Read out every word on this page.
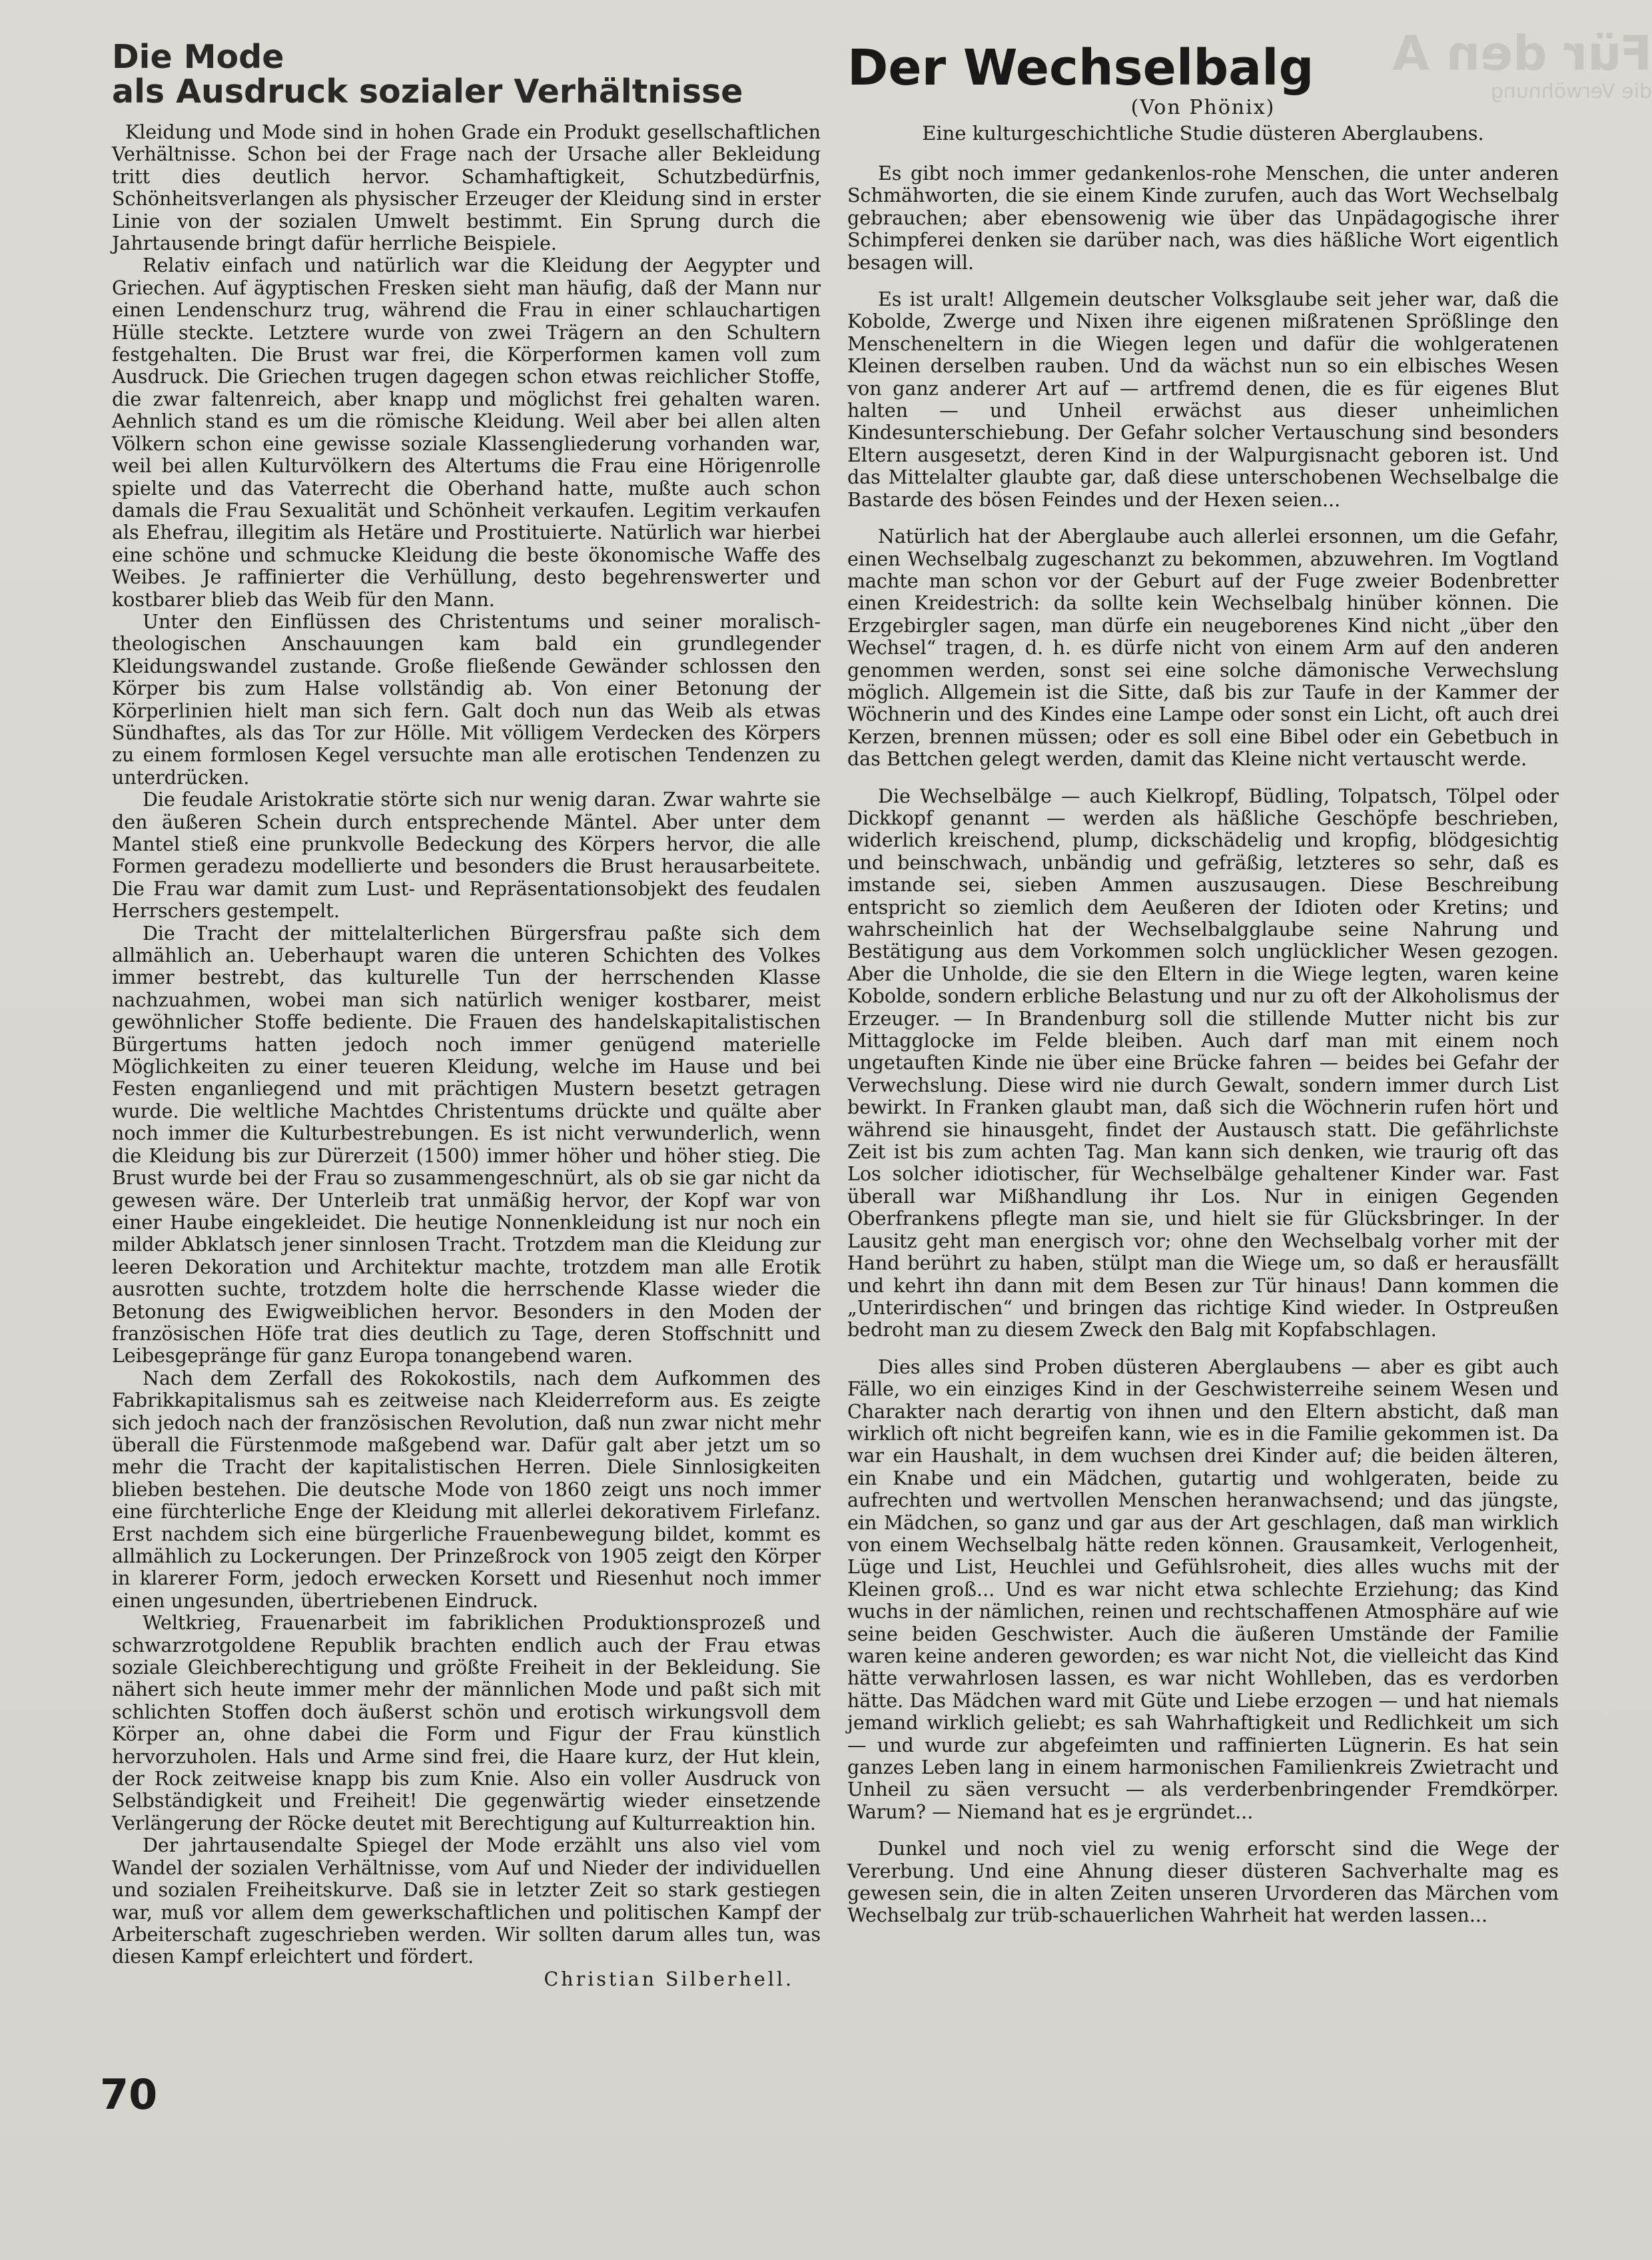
Für den A
die Verwöhnung
Die Mode
als Ausdruck sozialer Verhältnisse

Kleidung und Mode sind in hohen Grade ein Produkt gesellschaftlichen Verhältnisse. Schon bei der Frage nach der Ursache aller Bekleidung tritt dies deutlich hervor. Schamhaftigkeit, Schutzbedürfnis, Schönheitsverlangen als physischer Erzeuger der Kleidung sind in erster Linie von der sozialen Umwelt bestimmt. Ein Sprung durch die Jahrtausende bringt dafür herrliche Beispiele.

Relativ einfach und natürlich war die Kleidung der Aegypter und Griechen. Auf ägyptischen Fresken sieht man häufig, daß der Mann nur einen Lendenschurz trug, während die Frau in einer schlauchartigen Hülle steckte. Letztere wurde von zwei Trägern an den Schultern festgehalten. Die Brust war frei, die Körperformen kamen voll zum Ausdruck. Die Griechen trugen dagegen schon etwas reichlicher Stoffe, die zwar faltenreich, aber knapp und möglichst frei gehalten waren. Aehnlich stand es um die römische Kleidung. Weil aber bei allen alten Völkern schon eine gewisse soziale Klassengliederung vorhanden war, weil bei allen Kulturvölkern des Altertums die Frau eine Hörigenrolle spielte und das Vaterrecht die Oberhand hatte, mußte auch schon damals die Frau Sexualität und Schönheit verkaufen. Legitim verkaufen als Ehefrau, illegitim als Hetäre und Prostituierte. Natürlich war hierbei eine schöne und schmucke Kleidung die beste ökonomische Waffe des Weibes. Je raffinierter die Verhüllung, desto begehrenswerter und kostbarer blieb das Weib für den Mann.

Unter den Einflüssen des Christentums und seiner moralisch-theologischen Anschauungen kam bald ein grundlegender Kleidungswandel zustande. Große fließende Gewänder schlossen den Körper bis zum Halse vollständig ab. Von einer Betonung der Körperlinien hielt man sich fern. Galt doch nun das Weib als etwas Sündhaftes, als das Tor zur Hölle. Mit völligem Verdecken des Körpers zu einem formlosen Kegel versuchte man alle erotischen Tendenzen zu unterdrücken.

Die feudale Aristokratie störte sich nur wenig daran. Zwar wahrte sie den äußeren Schein durch entsprechende Mäntel. Aber unter dem Mantel stieß eine prunkvolle Bedeckung des Körpers hervor, die alle Formen geradezu modellierte und besonders die Brust herausarbeitete. Die Frau war damit zum Lust- und Repräsentationsobjekt des feudalen Herrschers gestempelt.

Die Tracht der mittelalterlichen Bürgersfrau paßte sich dem allmählich an. Ueberhaupt waren die unteren Schichten des Volkes immer bestrebt, das kulturelle Tun der herrschenden Klasse nachzuahmen, wobei man sich natürlich weniger kostbarer, meist gewöhnlicher Stoffe bediente. Die Frauen des handelskapitalistischen Bürgertums hatten jedoch noch immer genügend materielle Möglichkeiten zu einer teueren Kleidung, welche im Hause und bei Festen enganliegend und mit prächtigen Mustern besetzt getragen wurde. Die weltliche Machtdes Christentums drückte und quälte aber noch immer die Kulturbestrebungen. Es ist nicht verwunderlich, wenn die Kleidung bis zur Dürerzeit (1500) immer höher und höher stieg. Die Brust wurde bei der Frau so zusammengeschnürt, als ob sie gar nicht da gewesen wäre. Der Unterleib trat unmäßig hervor, der Kopf war von einer Haube eingekleidet. Die heutige Nonnenkleidung ist nur noch ein milder Abklatsch jener sinnlosen Tracht. Trotzdem man die Kleidung zur leeren Dekoration und Architektur machte, trotzdem man alle Erotik ausrotten suchte, trotzdem holte die herrschende Klasse wieder die Betonung des Ewigweiblichen hervor. Besonders in den Moden der französischen Höfe trat dies deutlich zu Tage, deren Stoffschnitt und Leibesgepränge für ganz Europa tonangebend waren.

Nach dem Zerfall des Rokokostils, nach dem Aufkommen des Fabrikkapitalismus sah es zeitweise nach Kleiderreform aus. Es zeigte sich jedoch nach der französischen Revolution, daß nun zwar nicht mehr überall die Fürstenmode maßgebend war. Dafür galt aber jetzt um so mehr die Tracht der kapitalistischen Herren. Diele Sinnlosigkeiten blieben bestehen. Die deutsche Mode von 1860 zeigt uns noch immer eine fürchterliche Enge der Kleidung mit allerlei dekorativem Firlefanz. Erst nachdem sich eine bürgerliche Frauenbewegung bildet, kommt es allmählich zu Lockerungen. Der Prinzeßrock von 1905 zeigt den Körper in klarerer Form, jedoch erwecken Korsett und Riesenhut noch immer einen ungesunden, übertriebenen Eindruck.

Weltkrieg, Frauenarbeit im fabriklichen Produktionsprozeß und schwarzrotgoldene Republik brachten endlich auch der Frau etwas soziale Gleichberechtigung und größte Freiheit in der Bekleidung. Sie nähert sich heute immer mehr der männlichen Mode und paßt sich mit schlichten Stoffen doch äußerst schön und erotisch wirkungsvoll dem Körper an, ohne dabei die Form und Figur der Frau künstlich hervorzuholen. Hals und Arme sind frei, die Haare kurz, der Hut klein, der Rock zeitweise knapp bis zum Knie. Also ein voller Ausdruck von Selbständigkeit und Freiheit! Die gegenwärtig wieder einsetzende Verlängerung der Röcke deutet mit Berechtigung auf Kulturreaktion hin.

Der jahrtausendalte Spiegel der Mode erzählt uns also viel vom Wandel der sozialen Verhältnisse, vom Auf und Nieder der individuellen und sozialen Freiheitskurve. Daß sie in letzter Zeit so stark gestiegen war, muß vor allem dem gewerkschaftlichen und politischen Kampf der Arbeiterschaft zugeschrieben werden. Wir sollten darum alles tun, was diesen Kampf erleichtert und fördert.

Christian Silberhell.
Der Wechselbalg
(Von Phönix)
Eine kulturgeschichtliche Studie düsteren Aberglaubens.

Es gibt noch immer gedankenlos-rohe Menschen, die unter anderen Schmähworten, die sie einem Kinde zurufen, auch das Wort Wechselbalg gebrauchen; aber ebensowenig wie über das Unpädagogische ihrer Schimpferei denken sie darüber nach, was dies häßliche Wort eigentlich besagen will.

Es ist uralt! Allgemein deutscher Volksglaube seit jeher war, daß die Kobolde, Zwerge und Nixen ihre eigenen mißratenen Sprößlinge den Menscheneltern in die Wiegen legen und dafür die wohlgeratenen Kleinen derselben rauben. Und da wächst nun so ein elbisches Wesen von ganz anderer Art auf — artfremd denen, die es für eigenes Blut halten — und Unheil erwächst aus dieser unheimlichen Kindesunterschiebung. Der Gefahr solcher Vertauschung sind besonders Eltern ausgesetzt, deren Kind in der Walpurgisnacht geboren ist. Und das Mittelalter glaubte gar, daß diese unterschobenen Wechselbalge die Bastarde des bösen Feindes und der Hexen seien...

Natürlich hat der Aberglaube auch allerlei ersonnen, um die Gefahr, einen Wechselbalg zugeschanzt zu bekommen, abzuwehren. Im Vogtland machte man schon vor der Geburt auf der Fuge zweier Bodenbretter einen Kreidestrich: da sollte kein Wechselbalg hinüber können. Die Erzgebirgler sagen, man dürfe ein neugeborenes Kind nicht „über den Wechsel“ tragen, d. h. es dürfe nicht von einem Arm auf den anderen genommen werden, sonst sei eine solche dämonische Verwechslung möglich. Allgemein ist die Sitte, daß bis zur Taufe in der Kammer der Wöchnerin und des Kindes eine Lampe oder sonst ein Licht, oft auch drei Kerzen, brennen müssen; oder es soll eine Bibel oder ein Gebetbuch in das Bettchen gelegt werden, damit das Kleine nicht vertauscht werde.

Die Wechselbälge — auch Kielkropf, Büdling, Tolpatsch, Tölpel oder Dickkopf genannt — werden als häßliche Geschöpfe beschrieben, widerlich kreischend, plump, dickschädelig und kropfig, blödgesichtig und beinschwach, unbändig und gefräßig, letzteres so sehr, daß es imstande sei, sieben Ammen auszusaugen. Diese Beschreibung entspricht so ziemlich dem Aeußeren der Idioten oder Kretins; und wahrscheinlich hat der Wechselbalgglaube seine Nahrung und Bestätigung aus dem Vorkommen solch unglücklicher Wesen gezogen. Aber die Unholde, die sie den Eltern in die Wiege legten, waren keine Kobolde, sondern erbliche Belastung und nur zu oft der Alkoholismus der Erzeuger. — In Brandenburg soll die stillende Mutter nicht bis zur Mittagglocke im Felde bleiben. Auch darf man mit einem noch ungetauften Kinde nie über eine Brücke fahren — beides bei Gefahr der Verwechslung. Diese wird nie durch Gewalt, sondern immer durch List bewirkt. In Franken glaubt man, daß sich die Wöchnerin rufen hört und während sie hinausgeht, findet der Austausch statt. Die gefährlichste Zeit ist bis zum achten Tag. Man kann sich denken, wie traurig oft das Los solcher idiotischer, für Wechselbälge gehaltener Kinder war. Fast überall war Mißhandlung ihr Los. Nur in einigen Gegenden Oberfrankens pflegte man sie, und hielt sie für Glücksbringer. In der Lausitz geht man energisch vor; ohne den Wechselbalg vorher mit der Hand berührt zu haben, stülpt man die Wiege um, so daß er herausfällt und kehrt ihn dann mit dem Besen zur Tür hinaus! Dann kommen die „Unterirdischen“ und bringen das richtige Kind wieder. In Ostpreußen bedroht man zu diesem Zweck den Balg mit Kopfabschlagen.

Dies alles sind Proben düsteren Aberglaubens — aber es gibt auch Fälle, wo ein einziges Kind in der Geschwisterreihe seinem Wesen und Charakter nach derartig von ihnen und den Eltern absticht, daß man wirklich oft nicht begreifen kann, wie es in die Familie gekommen ist. Da war ein Haushalt, in dem wuchsen drei Kinder auf; die beiden älteren, ein Knabe und ein Mädchen, gutartig und wohlgeraten, beide zu aufrechten und wertvollen Menschen heranwachsend; und das jüngste, ein Mädchen, so ganz und gar aus der Art geschlagen, daß man wirklich von einem Wechselbalg hätte reden können. Grausamkeit, Verlogenheit, Lüge und List, Heuchlei und Gefühlsroheit, dies alles wuchs mit der Kleinen groß... Und es war nicht etwa schlechte Erziehung; das Kind wuchs in der nämlichen, reinen und rechtschaffenen Atmosphäre auf wie seine beiden Geschwister. Auch die äußeren Umstände der Familie waren keine anderen geworden; es war nicht Not, die vielleicht das Kind hätte verwahrlosen lassen, es war nicht Wohlleben, das es verdorben hätte. Das Mädchen ward mit Güte und Liebe erzogen — und hat niemals jemand wirklich geliebt; es sah Wahrhaftigkeit und Redlichkeit um sich — und wurde zur abgefeimten und raffinierten Lügnerin. Es hat sein ganzes Leben lang in einem harmonischen Familienkreis Zwietracht und Unheil zu säen versucht — als verderbenbringender Fremdkörper. Warum? — Niemand hat es je ergründet...

Dunkel und noch viel zu wenig erforscht sind die Wege der Vererbung. Und eine Ahnung dieser düsteren Sachverhalte mag es gewesen sein, die in alten Zeiten unseren Urvorderen das Märchen vom Wechselbalg zur trüb-schauerlichen Wahrheit hat werden lassen...

70
